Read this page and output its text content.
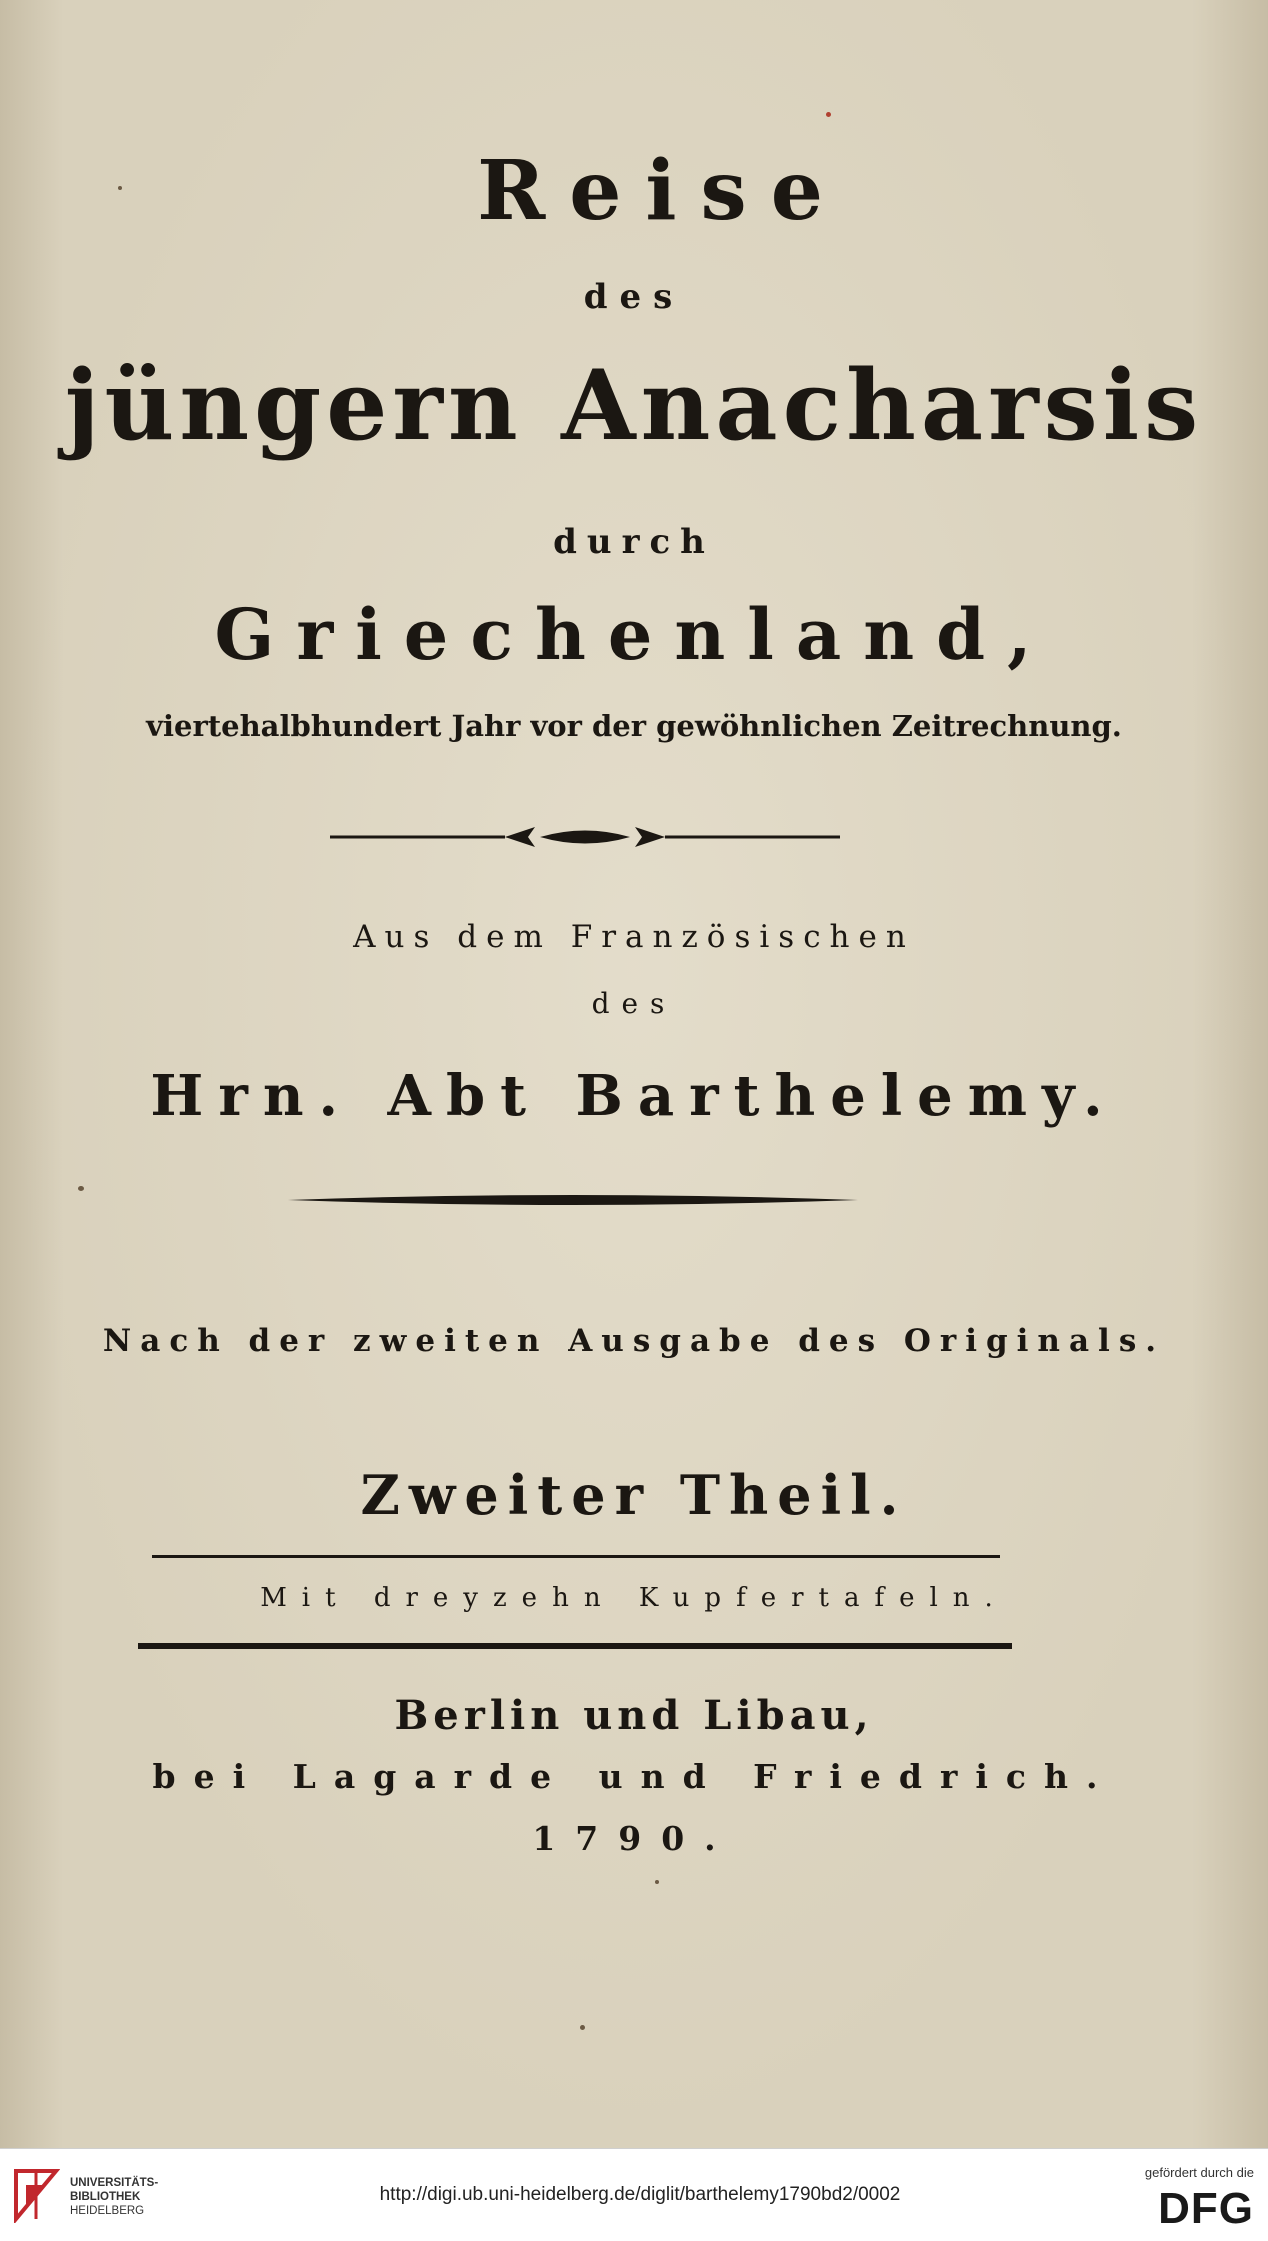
Reise
des
jüngern Anacharsis
durch
Griechenland,
viertehalbhundert Jahr vor der gewöhnlichen Zeitrechnung.
Aus dem Französischen
des
Hrn. Abt Barthelemy.
Nach der zweiten Ausgabe des Originals.
Zweiter Theil.
Mit dreyzehn Kupfertafeln.
Berlin und Libau,
bei Lagarde und Friedrich.
1790.
UNIVERSITÄTS-
BIBLIOTHEK
HEIDELBERG
http://digi.ub.uni-heidelberg.de/diglit/barthelemy1790bd2/0002
gefördert durch die
DFG
